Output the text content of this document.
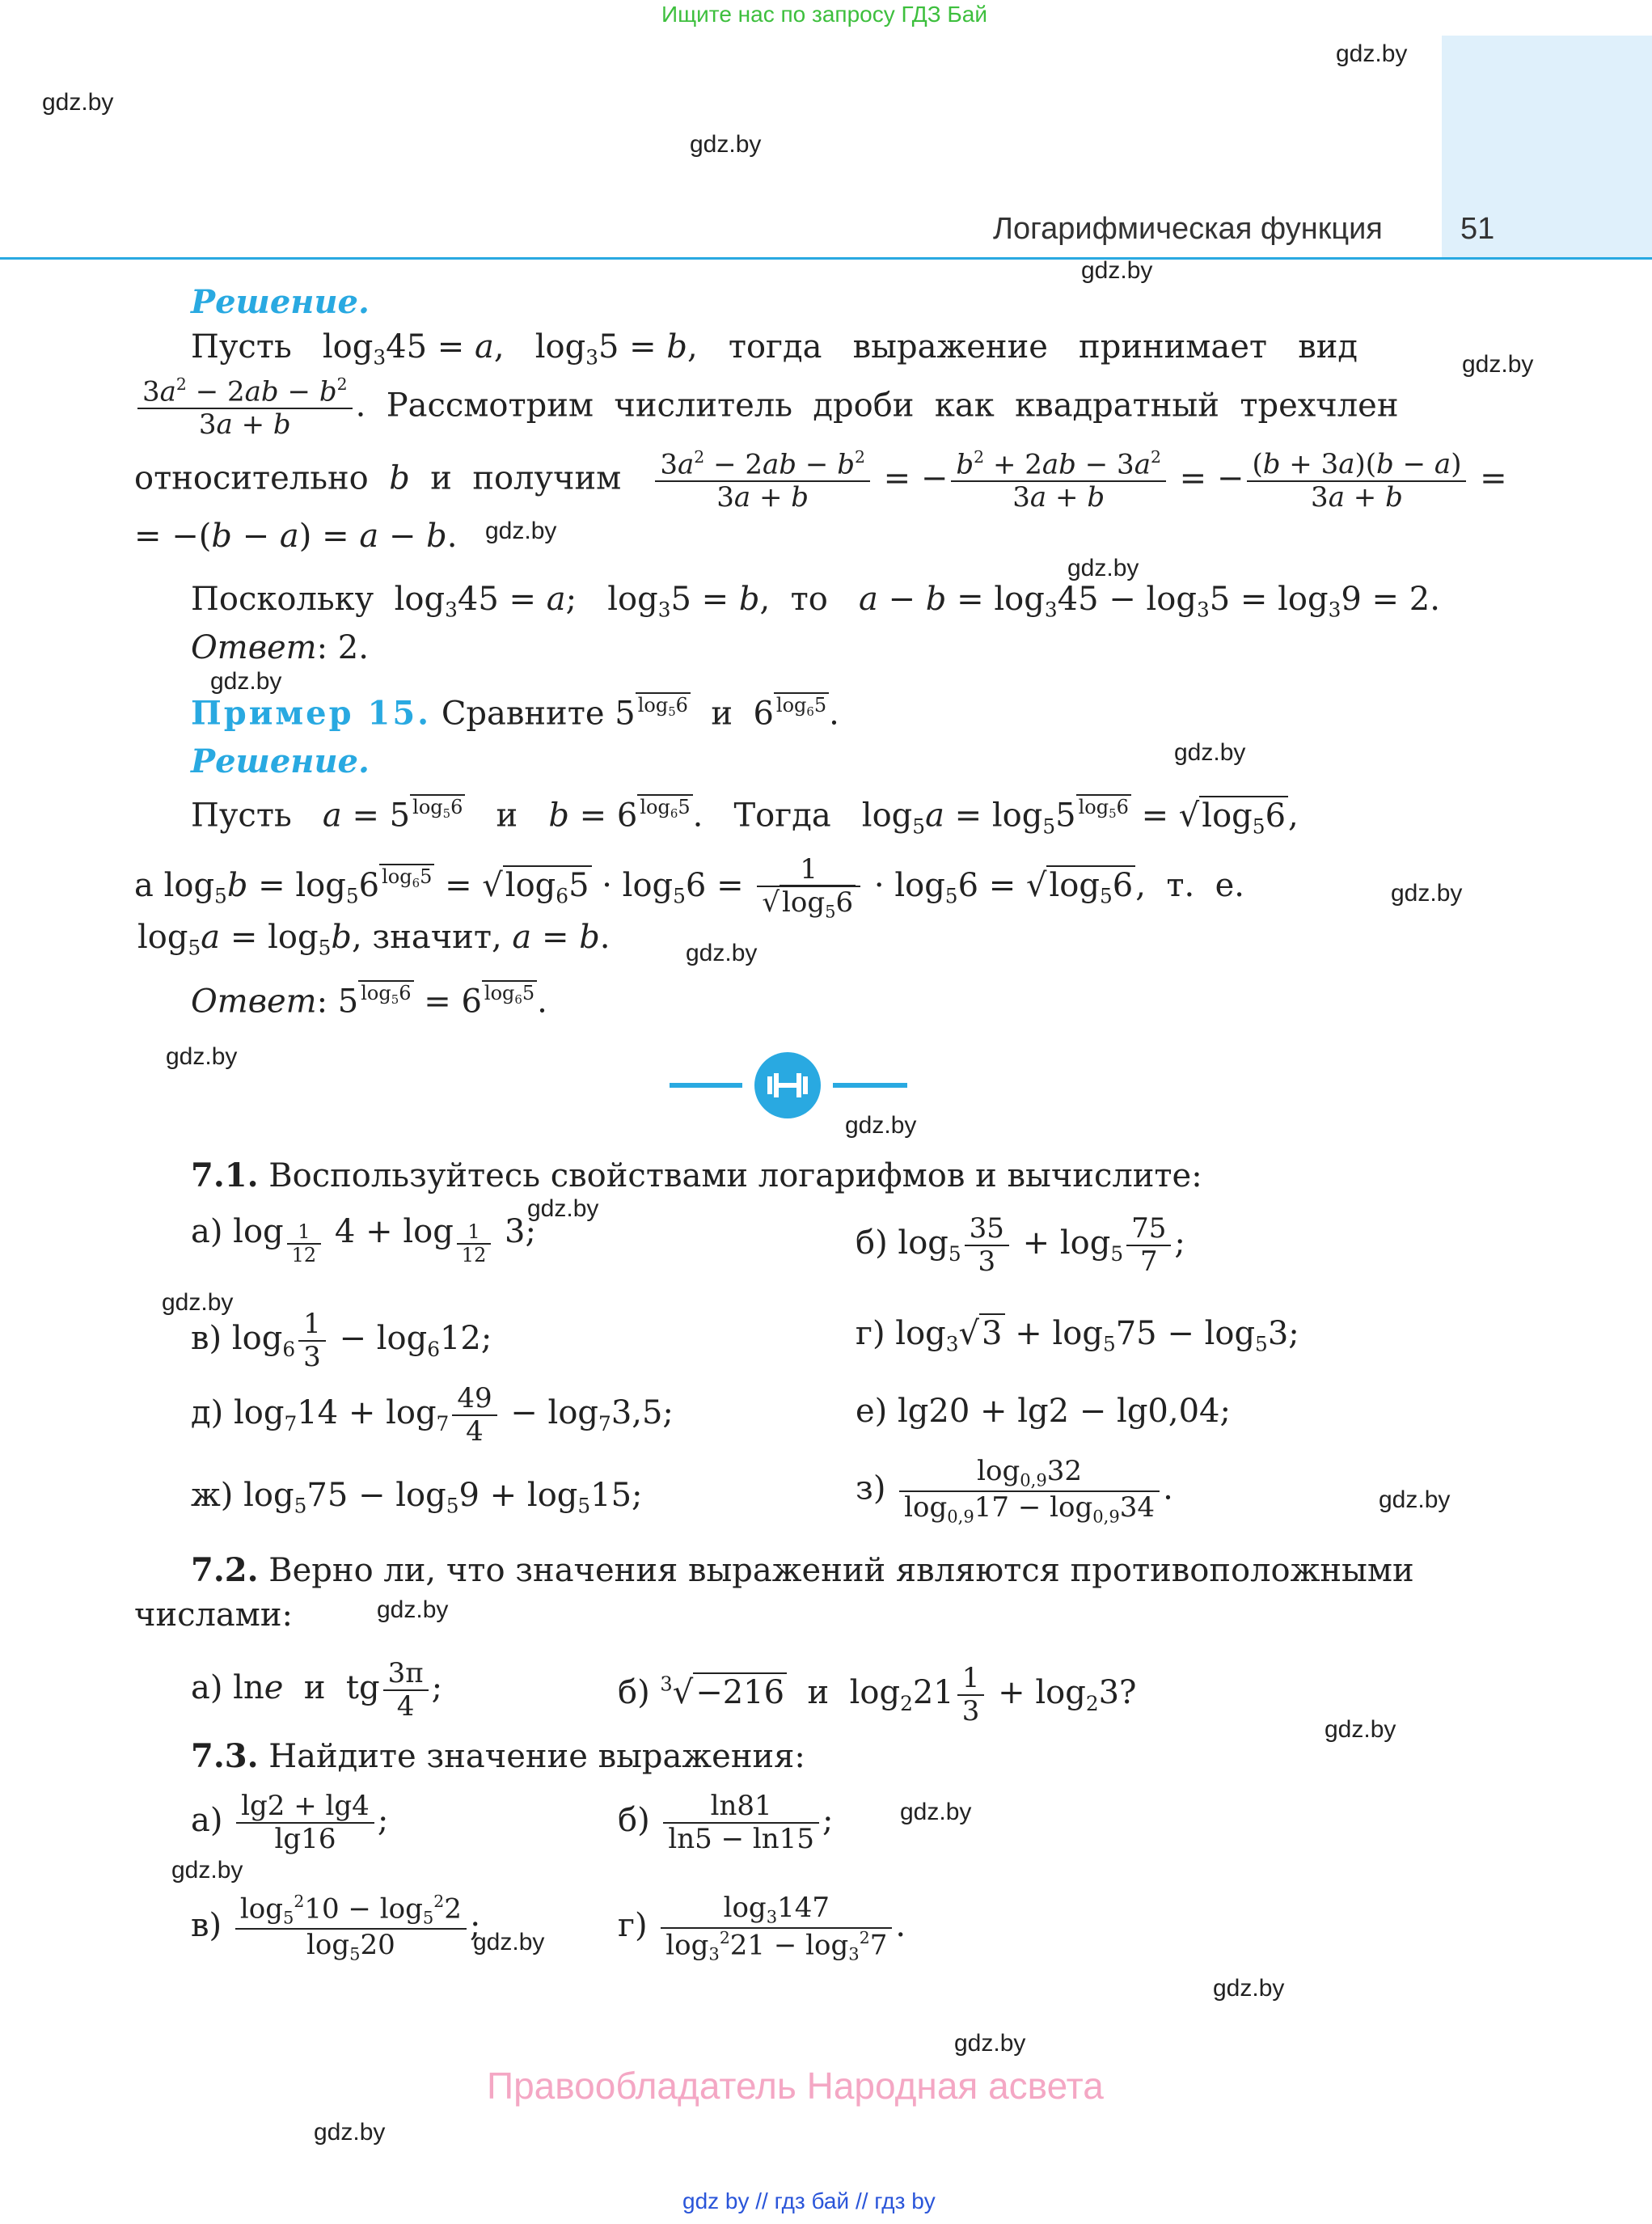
Ищите нас по запросу ГДЗ Бай
Логарифмическая функция	51
gdz.by
gdz.by
gdz.by
gdz.by
gdz.by
gdz.by
gdz.by
gdz.by
gdz.by
gdz.by
gdz.by
gdz.by
gdz.by
gdz.by
gdz.by
gdz.by
gdz.by
gdz.by
gdz.by
gdz.by
gdz.by
gdz.by
gdz.by
gdz.by
Решение.
Пусть   $\log_345 = a$,   $\log_35 = b$,   тогда   выражение   принимает   вид
$\frac{3a^2 - 2ab - b^2}{3a + b}$ .  Рассмотрим  числитель  дроби  как  квадратный  трехчлен
относительно  b  и  получим $\frac{3a^2 - 2ab - b^2}{3a + b}$ = − $\frac{b^2 + 2ab - 3a^2}{3a + b}$ = − $\frac{(b + 3a)(b - a)}{3a + b}$ =
= −(b − a) = a − b.
Поскольку  $\log_345 = a$;   $\log_35 = b$,  то   $a - b = \log_345 - \log_35 = \log_39 = 2$.
Ответ: 2.
Пример 15. Сравните 5 $^{log_56}$  и  6 $^{log_65}$.
Решение.
Пусть   a = 5 $^{log_56}$   и   b = 6 $^{log_65}$.   Тогда   $\log_5a = \log_55$ $^{log_56} = √\log_56$,
а $\log_5b = \log_56$ $^{log_65} = √\log_65 \cdot \log_56 = \frac{1}{√\log_56} \cdot \log_56 = √\log_56$,  т.  е.
$\log_5a = \log_5b$, значит, a = b.
Ответ: 5 $^{log_56}$ = 6 $^{log_65}$.
7.1. Воспользуйтесь свойствами логарифмов и вычислите:
а) log $_{\frac{1}{12}}$ 4 + log $_{\frac{1}{12}}$ 3;	б) $\log_5 \frac{35}{3} + \log_5 \frac{75}{7}$ ;
в) $\log_6 \frac{1}{3} - \log_612$;	г) $\log_3√3 + \log_575 - \log_53$;
д) $\log_714 + \log_7 \frac{49}{4} - \log_73,5$;	е) lg20 + lg2 − lg0,04;
ж) $\log_575 - \log_59 + \log_515$;	$з) \frac{\log_{0,9}32}{\log_{0,9}17 - \log_{0,9}34}$ .
7.2. Верно ли, что значения выражений являются противоположными
числами:
а) lne  и  tg $\frac{3\pi}{4}$ ;	б) $^3$√−216  и  $\log_221 \frac{1}{3} + \log_23$?
7.3. Найдите значение выражения:
$а) \frac{\lg 2 + \lg 4}{\lg 16}$ ;	$б) \frac{\ln 81}{\ln 5 - \ln 15}$ ;
$в) \frac{\log_5^210 - \log_5^22}{\log_520}$ ;	$г) \frac{\log_3147}{\log_3^221 - \log_3^27}$ .
Правообладатель Народная асвета
gdz by // гдз бай // гдз by
